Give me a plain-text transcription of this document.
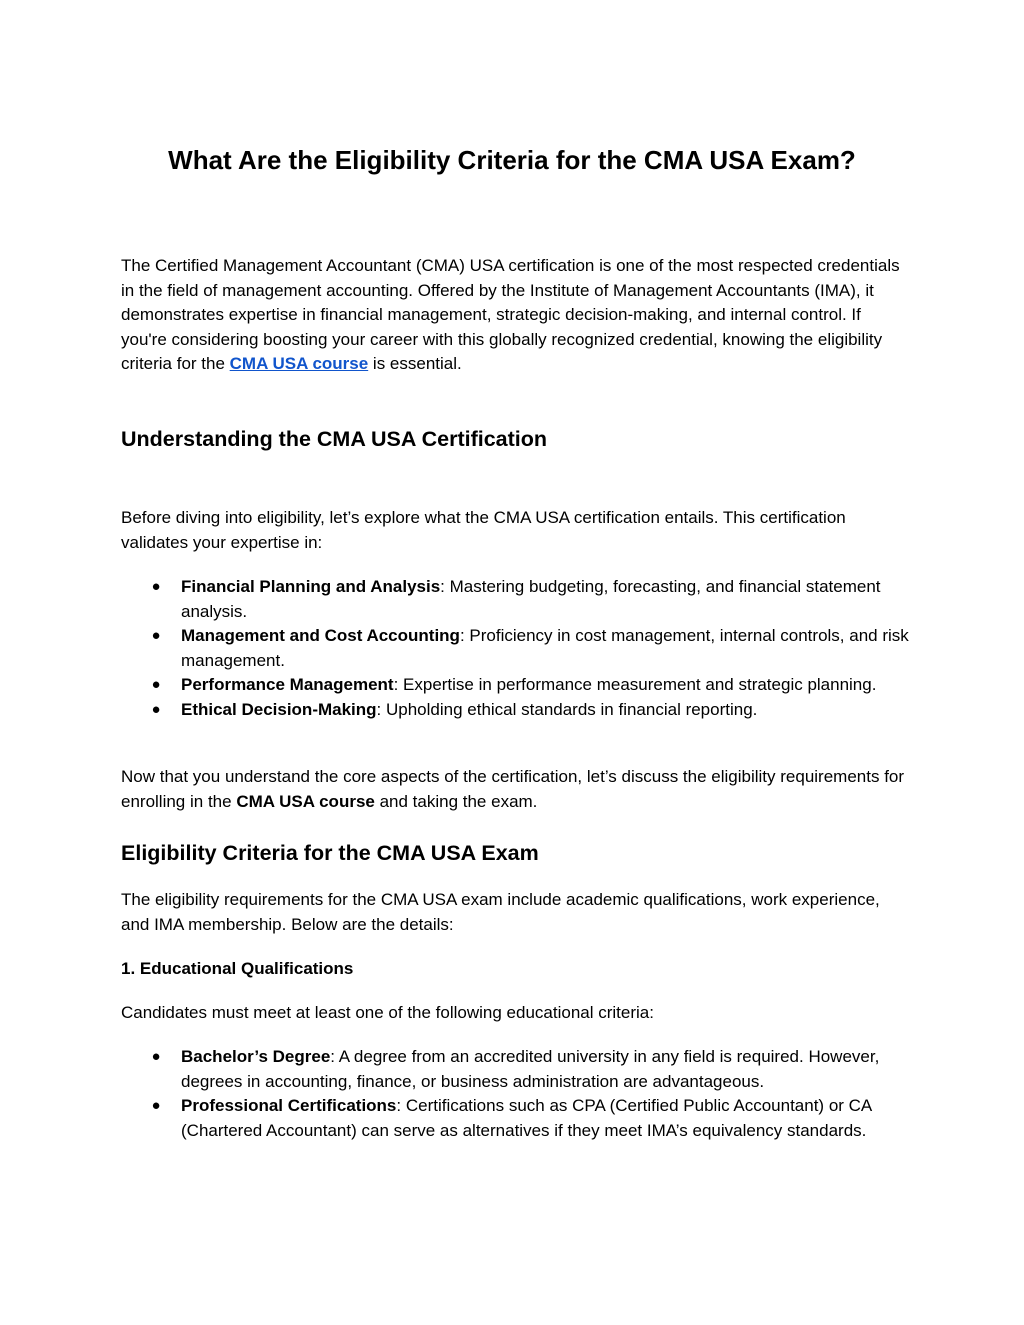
What Are the Eligibility Criteria for the CMA USA Exam?

The Certified Management Accountant (CMA) USA certification is one of the most respected credentials in the field of management accounting. Offered by the Institute of Management Accountants (IMA), it demonstrates expertise in financial management, strategic decision-making, and internal control. If you're considering boosting your career with this globally recognized credential, knowing the eligibility criteria for the CMA USA course is essential.

Understanding the CMA USA Certification

Before diving into eligibility, let’s explore what the CMA USA certification entails. This certification validates your expertise in:

●	Financial Planning and Analysis: Mastering budgeting, forecasting, and financial statement analysis.
●	Management and Cost Accounting: Proficiency in cost management, internal controls, and risk management.
●	Performance Management: Expertise in performance measurement and strategic planning.
●	Ethical Decision-Making: Upholding ethical standards in financial reporting.

Now that you understand the core aspects of the certification, let’s discuss the eligibility requirements for enrolling in the CMA USA course and taking the exam.

Eligibility Criteria for the CMA USA Exam

The eligibility requirements for the CMA USA exam include academic qualifications, work experience, and IMA membership. Below are the details:

1. Educational Qualifications

Candidates must meet at least one of the following educational criteria:

●	Bachelor’s Degree: A degree from an accredited university in any field is required. However, degrees in accounting, finance, or business administration are advantageous.
●	Professional Certifications: Certifications such as CPA (Certified Public Accountant) or CA (Chartered Accountant) can serve as alternatives if they meet IMA’s equivalency standards.
